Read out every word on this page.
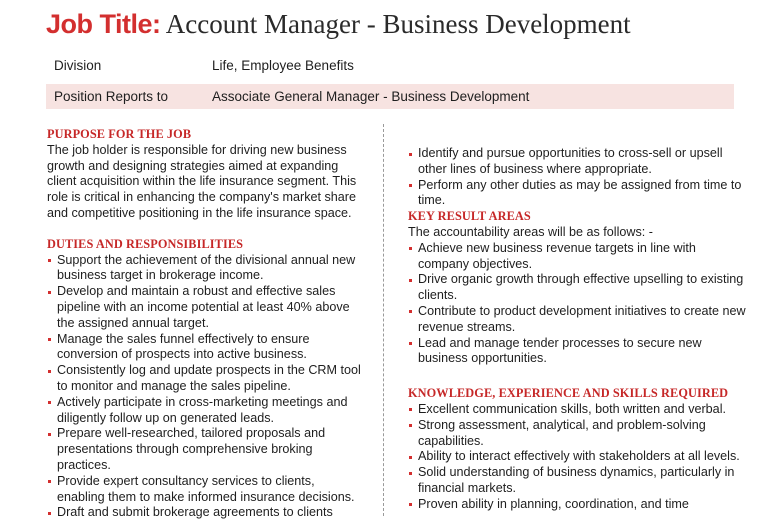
Job Title: Account Manager - Business Development
Division	Life, Employee Benefits
Position Reports to	Associate General Manager - Business Development
PURPOSE FOR THE JOB

The job holder is responsible for driving new business growth and designing strategies aimed at expanding client acquisition within the life insurance segment. This role is critical in enhancing the company's market share and competitive positioning in the life insurance space.

DUTIES AND RESPONSIBILITIES
Support the achievement of the divisional annual new business target in brokerage income.
Develop and maintain a robust and effective sales pipeline with an income potential at least 40% above the assigned annual target.
Manage the sales funnel effectively to ensure conversion of prospects into active business.
Consistently log and update prospects in the CRM tool to monitor and manage the sales pipeline.
Actively participate in cross-marketing meetings and diligently follow up on generated leads.
Prepare well-researched, tailored proposals and presentations through comprehensive broking practices.
Provide expert consultancy services to clients, enabling them to make informed insurance decisions.
Draft and submit brokerage agreements to clients
Identify and pursue opportunities to cross-sell or upsell other lines of business where appropriate.
Perform any other duties as may be assigned from time to time.
KEY RESULT AREAS

The accountability areas will be as follows: -

Achieve new business revenue targets in line with company objectives.
Drive organic growth through effective upselling to existing clients.
Contribute to product development initiatives to create new revenue streams.
Lead and manage tender processes to secure new business opportunities.
KNOWLEDGE, EXPERIENCE AND SKILLS REQUIRED
Excellent communication skills, both written and verbal.
Strong assessment, analytical, and problem-solving capabilities.
Ability to interact effectively with stakeholders at all levels.
Solid understanding of business dynamics, particularly in financial markets.
Proven ability in planning, coordination, and time
